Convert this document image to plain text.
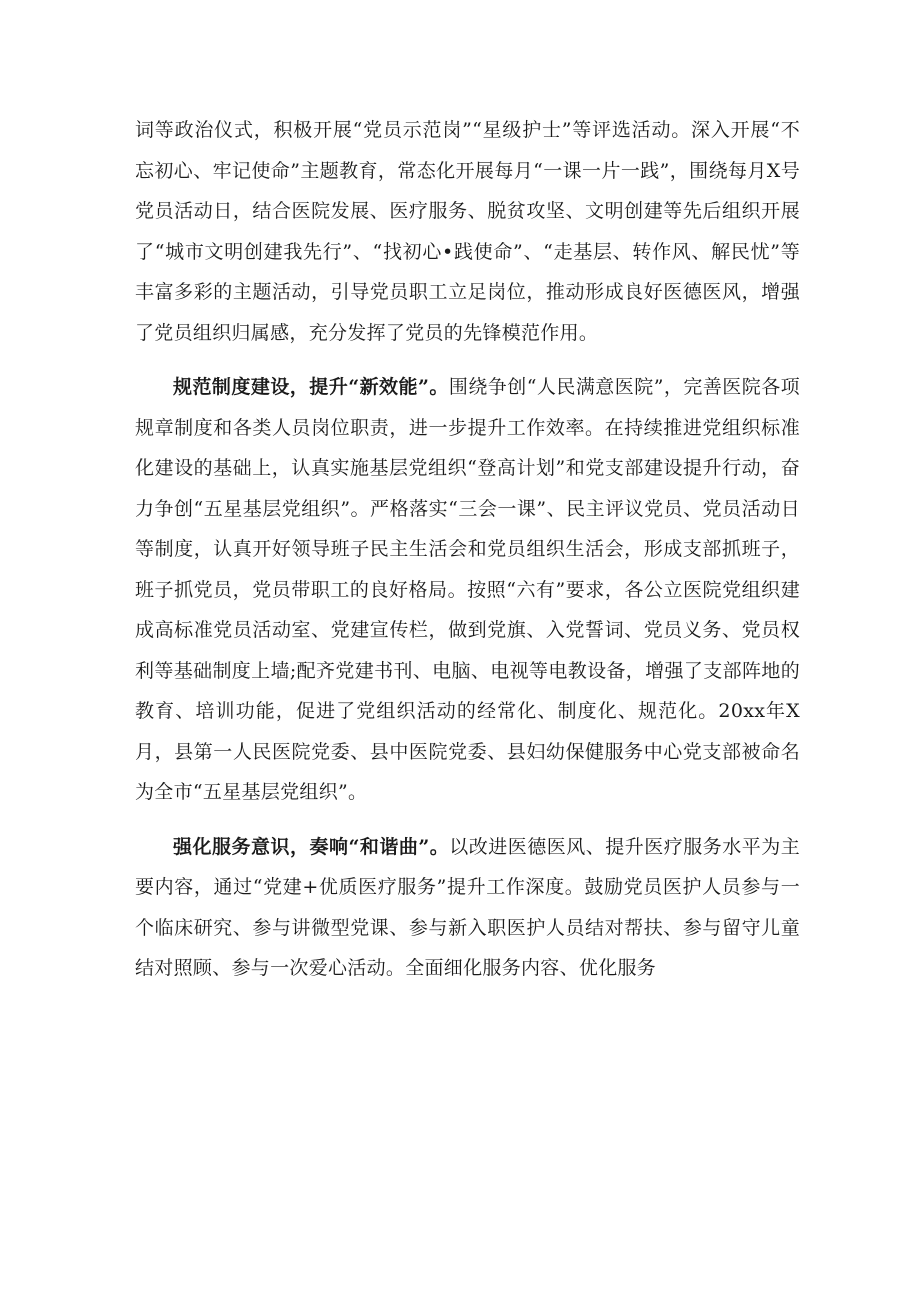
词等政治仪式，积极开展“党员示范岗”“星级护士”等评选活动。深入开展“不忘初心、牢记使命”主题教育，常态化开展每月“一课一片一践”，围绕每月X号党员活动日，结合医院发展、医疗服务、脱贫攻坚、文明创建等先后组织开展了“城市文明创建我先行”、“找初心•践使命”、“走基层、转作风、解民忧”等丰富多彩的主题活动，引导党员职工立足岗位，推动形成良好医德医风，增强了党员组织归属感，充分发挥了党员的先锋模范作用。

规范制度建设，提升“新效能”。围绕争创“人民满意医院”，完善医院各项规章制度和各类人员岗位职责，进一步提升工作效率。在持续推进党组织标准化建设的基础上，认真实施基层党组织“登高计划”和党支部建设提升行动，奋力争创“五星基层党组织”。严格落实“三会一课”、民主评议党员、党员活动日等制度，认真开好领导班子民主生活会和党员组织生活会，形成支部抓班子，班子抓党员，党员带职工的良好格局。按照“六有”要求，各公立医院党组织建成高标准党员活动室、党建宣传栏，做到党旗、入党誓词、党员义务、党员权利等基础制度上墙;配齐党建书刊、电脑、电视等电教设备，增强了支部阵地的教育、培训功能，促进了党组织活动的经常化、制度化、规范化。20xx年X月，县第一人民医院党委、县中医院党委、县妇幼保健服务中心党支部被命名为全市“五星基层党组织”。

强化服务意识，奏响“和谐曲”。以改进医德医风、提升医疗服务水平为主要内容，通过“党建+优质医疗服务”提升工作深度。鼓励党员医护人员参与一个临床研究、参与讲微型党课、参与新入职医护人员结对帮扶、参与留守儿童结对照顾、参与一次爱心活动。全面细化服务内容、优化服务
